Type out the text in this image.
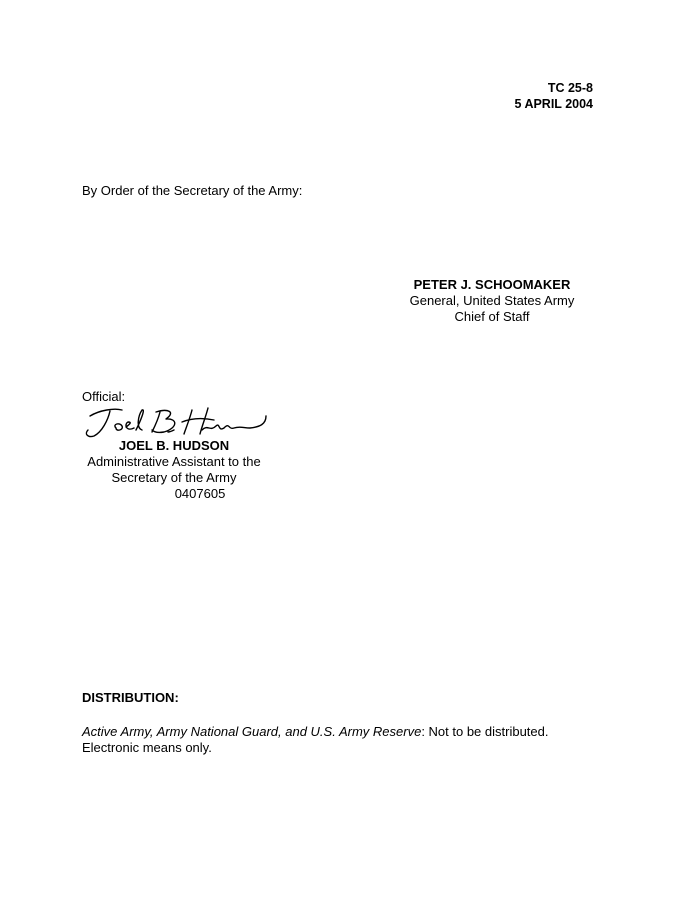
TC 25-8
5 APRIL 2004
By Order of the Secretary of the Army:
PETER J. SCHOOMAKER
General, United States Army
Chief of Staff
Official:
JOEL B. HUDSON
Administrative Assistant to the
Secretary of the Army
0407605
DISTRIBUTION:
Active Army, Army National Guard, and U.S. Army Reserve: Not to be distributed.
Electronic means only.
